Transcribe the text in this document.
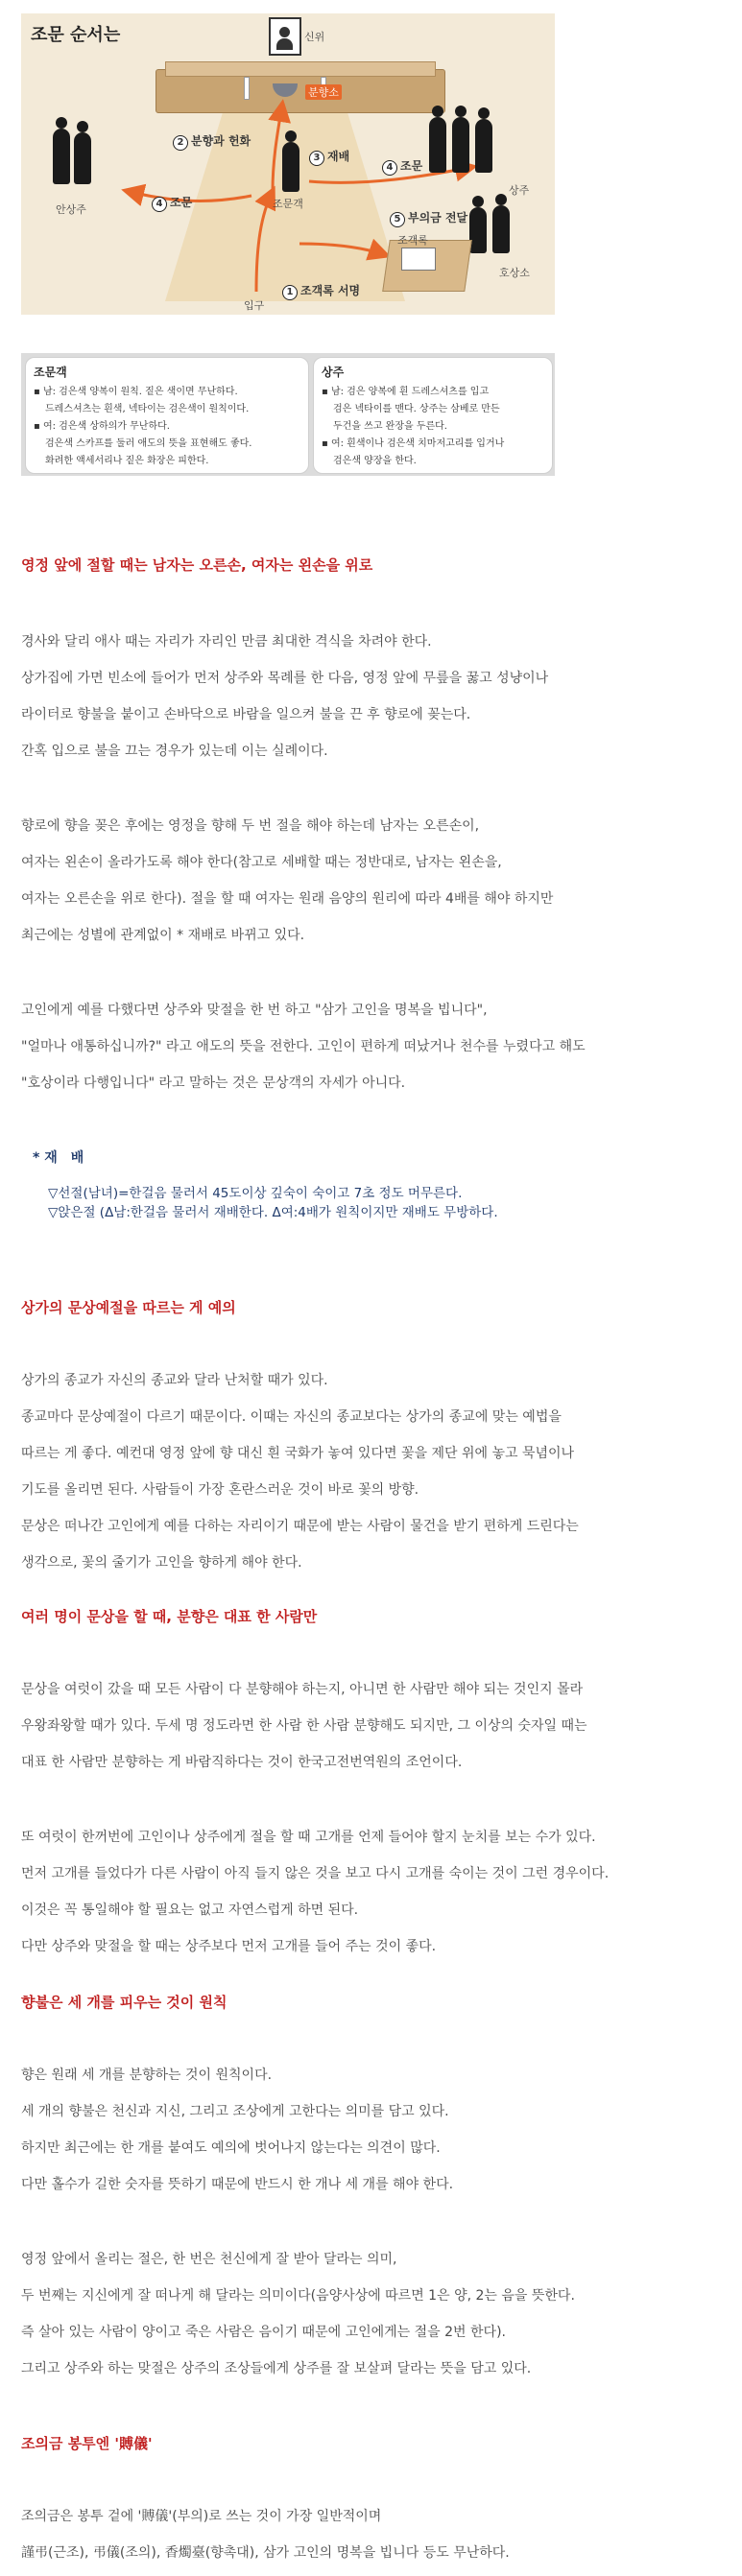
신위
조문 순서는
분향소
안상주	조문객
상주
호상소
조객록
2 분향과 헌화
3 재배
4 조문
4 조문
5 부의금 전달
1 조객록 서명
입구
조문객
▪ 남: 검은색 양복이 원칙. 짙은 색이면 무난하다.
드레스셔츠는 흰색, 넥타이는 검은색이 원칙이다.
▪ 여: 검은색 상하의가 무난하다.
검은색 스카프를 둘러 애도의 뜻을 표현해도 좋다.
화려한 액세서리나 짙은 화장은 피한다.
상주
▪ 남: 검은 양복에 흰 드레스셔츠를 입고
검은 넥타이를 맨다. 상주는 삼베로 만든
두건을 쓰고 완장을 두른다.
▪ 여: 흰색이나 검은색 치마저고리를 입거나
검은색 양장을 한다.
영정 앞에 절할 때는 남자는 오른손, 여자는 왼손을 위로
경사와 달리 애사 때는 자리가 자리인 만큼 최대한 격식을 차려야 한다.
상가집에 가면 빈소에 들어가 먼저 상주와 목례를 한 다음, 영정 앞에 무릎을 꿇고 성냥이나
라이터로 향불을 붙이고 손바닥으로 바람을 일으켜 불을 끈 후 향로에 꽂는다.
간혹 입으로 불을 끄는 경우가 있는데 이는 실례이다.
향로에 향을 꽂은 후에는 영정을 향해 두 번 절을 해야 하는데 남자는 오른손이,
여자는 왼손이 올라가도록 해야 한다(참고로 세배할 때는 정반대로, 남자는 왼손을,
여자는 오른손을 위로 한다). 절을 할 때 여자는 원래 음양의 원리에 따라 4배를 해야 하지만
최근에는 성별에 관계없이 * 재배로 바뀌고 있다.
고인에게 예를 다했다면 상주와 맞절을 한 번 하고 "삼가 고인을 명복을 빕니다",
"얼마나 애통하십니까?" 라고 애도의 뜻을 전한다. 고인이 편하게 떠났거나 천수를 누렸다고 해도
"호상이라 다행입니다" 라고 말하는 것은 문상객의 자세가 아니다.
* 재　배
▽선절(남녀)=한걸음 물러서 45도이상 깊숙이 숙이고 7초 정도 머무른다.
▽앉은절 (Δ남:한걸음 물러서 재배한다. Δ여:4배가 원칙이지만 재배도 무방하다.
상가의 문상예절을 따르는 게 예의
상가의 종교가 자신의 종교와 달라 난처할 때가 있다.
종교마다 문상예절이 다르기 때문이다. 이때는 자신의 종교보다는 상가의 종교에 맞는 예법을
따르는 게 좋다. 예컨대 영정 앞에 향 대신 흰 국화가 놓여 있다면 꽃을 제단 위에 놓고 묵념이나
기도를 올리면 된다. 사람들이 가장 혼란스러운 것이 바로 꽃의 방향.
문상은 떠나간 고인에게 예를 다하는 자리이기 때문에 받는 사람이 물건을 받기 편하게 드린다는
생각으로, 꽃의 줄기가 고인을 향하게 해야 한다.
여러 명이 문상을 할 때, 분향은 대표 한 사람만
문상을 여럿이 갔을 때 모든 사람이 다 분향해야 하는지, 아니면 한 사람만 해야 되는 것인지 몰라
우왕좌왕할 때가 있다. 두세 명 정도라면 한 사람 한 사람 분향해도 되지만, 그 이상의 숫자일 때는
대표 한 사람만 분향하는 게 바람직하다는 것이 한국고전번역원의 조언이다.
또 여럿이 한꺼번에 고인이나 상주에게 절을 할 때 고개를 언제 들어야 할지 눈치를 보는 수가 있다.
먼저 고개를 들었다가 다른 사람이 아직 들지 않은 것을 보고 다시 고개를 숙이는 것이 그런 경우이다.
이것은 꼭 통일해야 할 필요는 없고 자연스럽게 하면 된다.
다만 상주와 맞절을 할 때는 상주보다 먼저 고개를 들어 주는 것이 좋다.
향불은 세 개를 피우는 것이 원칙
향은 원래 세 개를 분향하는 것이 원칙이다.
세 개의 향불은 천신과 지신, 그리고 조상에게 고한다는 의미를 담고 있다.
하지만 최근에는 한 개를 붙여도 예의에 벗어나지 않는다는 의견이 많다.
다만 홀수가 길한 숫자를 뜻하기 때문에 반드시 한 개나 세 개를 해야 한다.
영정 앞에서 올리는 절은, 한 번은 천신에게 잘 받아 달라는 의미,
두 번째는 지신에게 잘 떠나게 해 달라는 의미이다(음양사상에 따르면 1은 양, 2는 음을 뜻한다.
즉 살아 있는 사람이 양이고 죽은 사람은 음이기 때문에 고인에게는 절을 2번 한다).
그리고 상주와 하는 맞절은 상주의 조상들에게 상주를 잘 보살펴 달라는 뜻을 담고 있다.
조의금 봉투엔 '賻儀'
조의금은 봉투 겉에 '賻儀'(부의)로 쓰는 것이 가장 일반적이며
謹弔(근조), 弔儀(조의), 香燭臺(향촉대), 삼가 고인의 명복을 빕니다 등도 무난하다.
